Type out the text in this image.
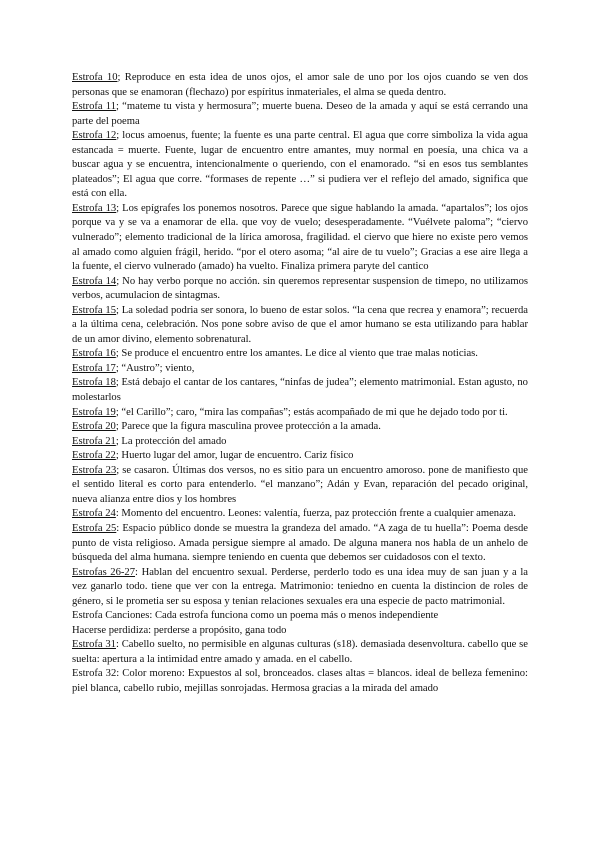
Estrofa 10; Reproduce en esta idea de unos ojos, el amor sale de uno por los ojos cuando se ven dos personas que se enamoran (flechazo) por espíritus inmateriales, el alma se queda dentro.

Estrofa 11; “mateme tu vista y hermosura”; muerte buena. Deseo de la amada y aquí se está cerrando una parte del poema

Estrofa 12; locus amoenus, fuente; la fuente es una parte central. El agua que corre simboliza la vida agua estancada = muerte. Fuente, lugar de encuentro entre amantes, muy normal en poesía, una chica va a buscar agua y se encuentra, intencionalmente o queriendo, con el enamorado. “si en esos tus semblantes plateados”; El agua que corre. “formases de repente …” si pudiera ver el reflejo del amado, significa que está con ella.

Estrofa 13; Los epígrafes los ponemos nosotros. Parece que sigue hablando la amada. “apartalos”; los ojos porque va y se va a enamorar de ella. que voy de vuelo; desesperadamente. “Vuélvete paloma”; “ciervo vulnerado”; elemento tradicional de la lírica amorosa, fragilidad. el ciervo que hiere no existe pero vemos al amado como alguien frágil, herido. “por el otero asoma; “al aire de tu vuelo”; Gracias a ese aire llega a la fuente, el ciervo vulnerado (amado) ha vuelto. Finaliza primera paryte del cantico

Estrofa 14; No hay verbo porque no acción. sin queremos representar suspension de timepo, no utilizamos verbos, acumulacion de sintagmas.

Estrofa 15; La soledad podria ser sonora, lo bueno de estar solos. “la cena que recrea y enamora”; recuerda a la última cena, celebración. Nos pone sobre aviso de que el amor humano se esta utilizando para hablar de un amor divino, elemento sobrenatural.

Estrofa 16; Se produce el encuentro entre los amantes. Le dice al viento que trae malas noticias.

Estrofa 17; “Austro”; viento,

Estrofa 18; Está debajo el cantar de los cantares, “ninfas de judea”; elemento matrimonial. Estan agusto, no molestarlos

Estrofa 19; “el Carillo”; caro, “mira las compañas”; estás acompañado de mi que he dejado todo por ti.

Estrofa 20; Parece que la figura masculina provee protección a la amada.

Estrofa 21; La protección del amado

Estrofa 22; Huerto lugar del amor, lugar de encuentro. Cariz físico

Estrofa 23; se casaron. Últimas dos versos, no es sitio para un encuentro amoroso. pone de manifiesto que el sentido literal es corto para entenderlo. “el manzano”; Adán y Evan, reparación del pecado original, nueva alianza entre dios y los hombres

Estrofa 24: Momento del encuentro. Leones: valentía, fuerza, paz protección frente a cualquier amenaza.

Estrofa 25: Espacio público donde se muestra la grandeza del amado. “A zaga de tu huella”: Poema desde punto de vista religioso. Amada persigue siempre al amado. De alguna manera nos habla de un anhelo de búsqueda del alma humana. siempre teniendo en cuenta que debemos ser cuidadosos con el texto.

Estrofas 26-27: Hablan del encuentro sexual. Perderse, perderlo todo es una idea muy de san juan y a la vez ganarlo todo. tiene que ver con la entrega. Matrimonio: teniedno en cuenta la distincion de roles de género, si le prometia ser su esposa y tenian relaciones sexuales era una especie de pacto matrimonial.

Estrofa Canciones: Cada estrofa funciona como un poema más o menos independiente

Hacerse perdidiza: perderse a propósito, gana todo

Estrofa 31: Cabello suelto, no permisible en algunas culturas (s18). demasiada desenvoltura. cabello que se suelta: apertura a la intimidad entre amado y amada. en el cabello.

Estrofa 32: Color moreno: Expuestos al sol, bronceados. clases altas = blancos. ideal de belleza femenino: piel blanca, cabello rubio, mejillas sonrojadas. Hermosa gracias a la mirada del amado
